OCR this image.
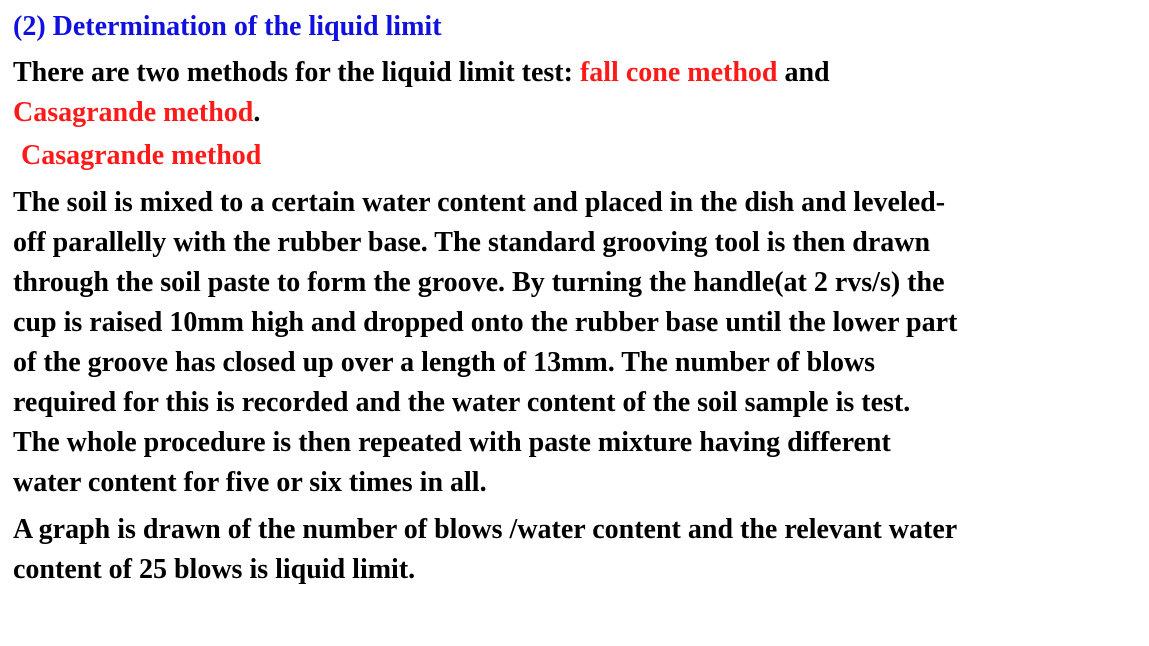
(2) Determination of the liquid limit
There are two methods for the liquid limit test: fall cone method and
Casagrande method.
Casagrande method
The soil is mixed to a certain water content and placed in the dish and leveled-
off parallelly with the rubber base. The standard grooving tool is then drawn
through the soil paste to form the groove. By turning the handle(at 2 rvs/s) the
cup is raised 10mm high and dropped onto the rubber base until the lower part
of the groove has closed up over a length of 13mm. The number of blows
required for this is recorded and the water content of the soil sample is test.
The whole procedure is then repeated with paste mixture having different
water content for five or six times in all.
A graph is drawn of the number of blows /water content and the relevant water
content of 25 blows is liquid limit.
